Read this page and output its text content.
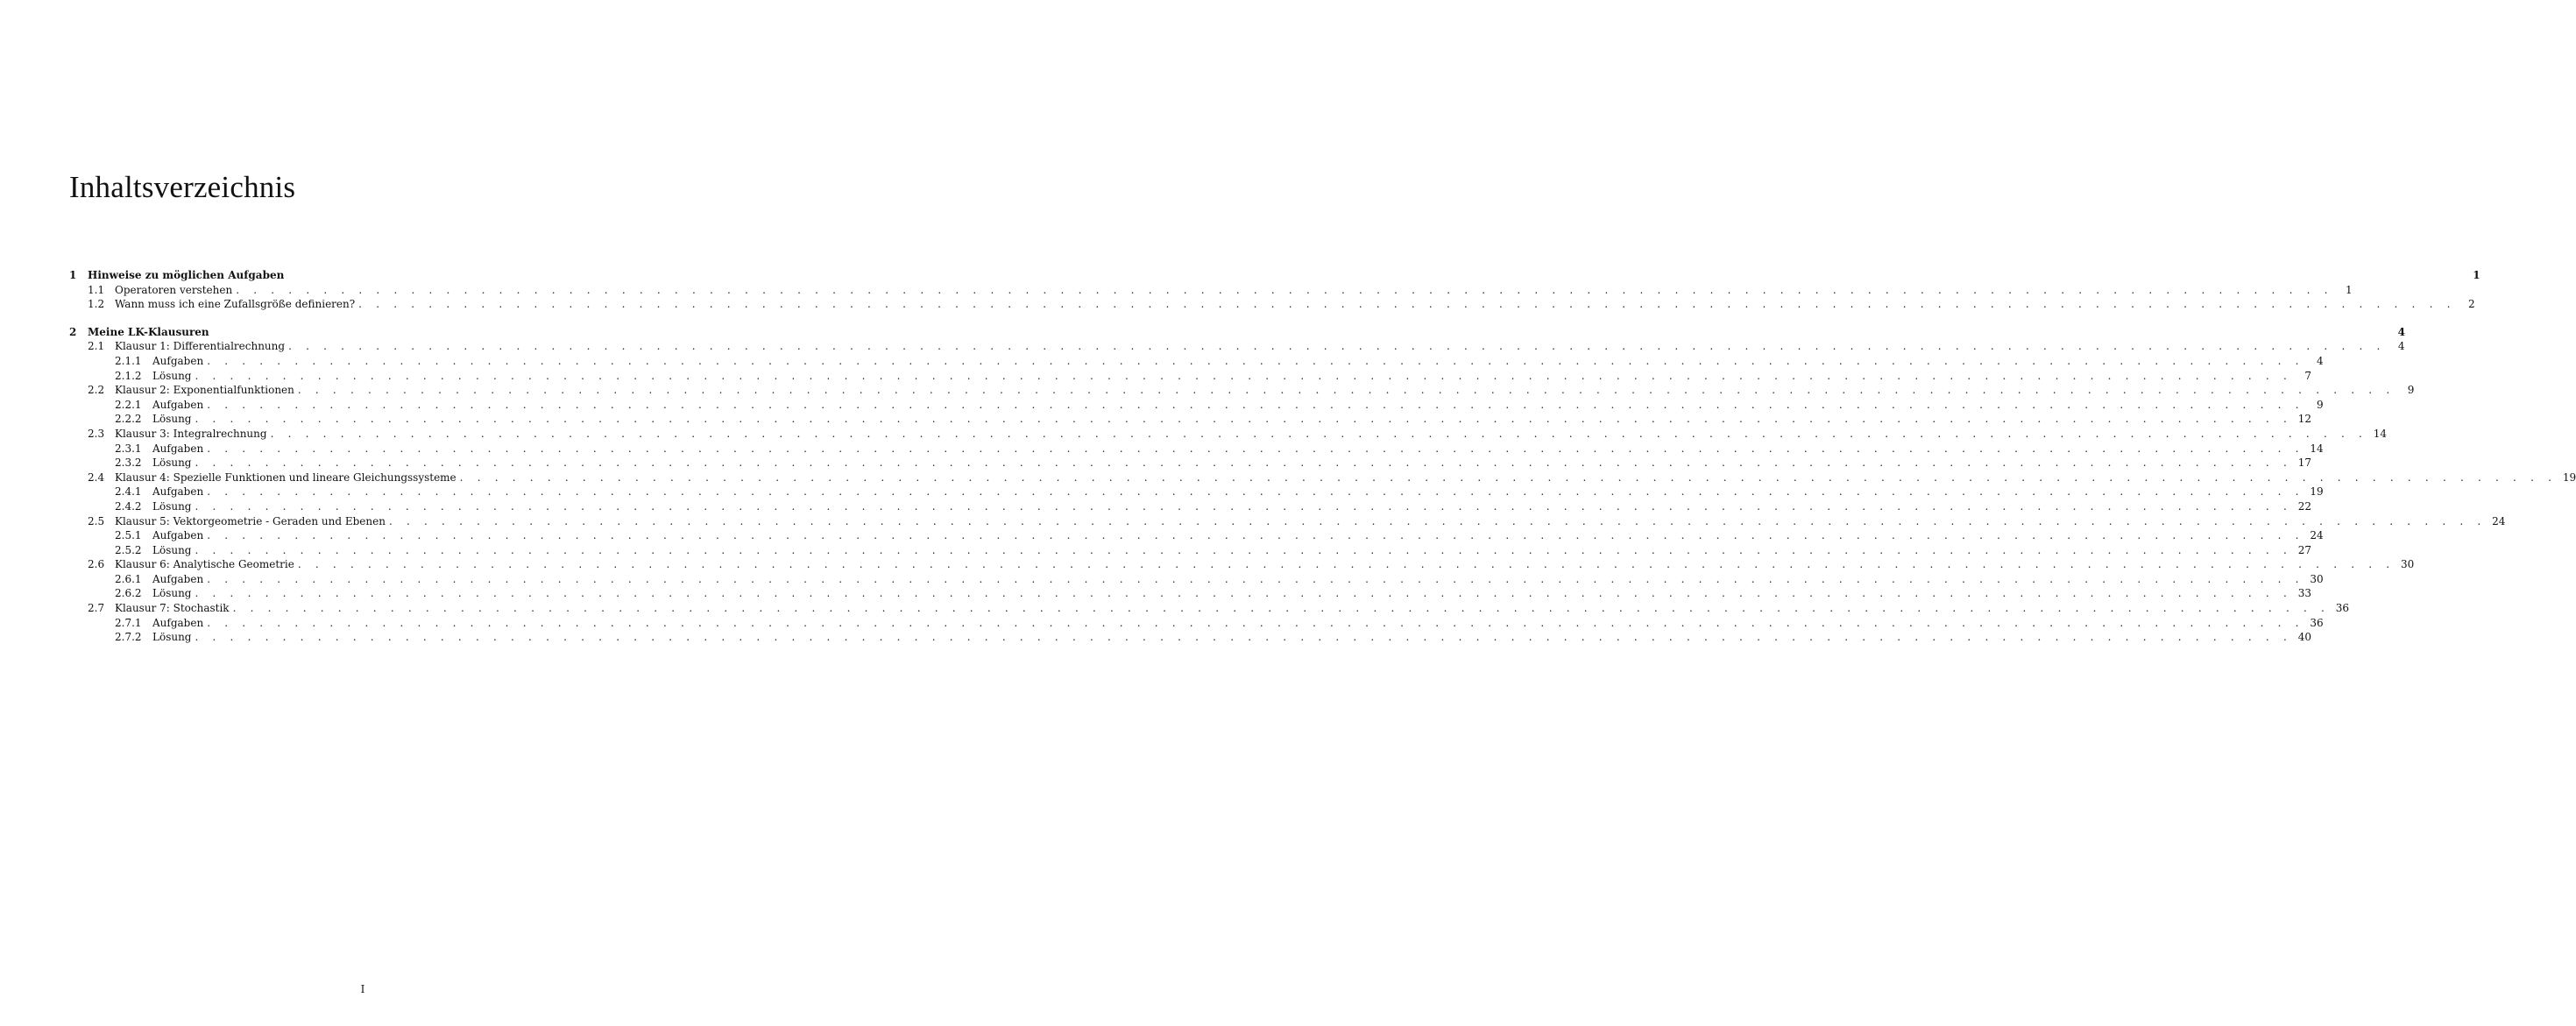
Inhaltsverzeichnis
1	Hinweise zu möglichen Aufgaben	1
1.1 Operatoren verstehen . . . . . . . . . . . . . . . . . . . . . . . . . . . . . . . . . . . . . . . . . . . . . . . . . . . . . . . . . . . . . . . . . . . . . . . . . . . . . . . . . . . . . . . . . . . . . . . . . . . . . . . . . . . . . . . . . . . . . . . .	1
1.2 Wann muss ich eine Zufallsgröße definieren? . . . . . . . . . . . . . . . . . . . . . . . . . . . . . . . . . . . . . . . . . . . . . . . . . . . . . . . . . . . . . . . . . . . . . . . . . . . . . . . . . . . . . . . . . . . . . . . . . . . . . . . . . . . . . . . . . . . . . . . .	2
2	Meine LK-Klausuren	4
2.1 Klausur 1: Differentialrechnung . . . . . . . . . . . . . . . . . . . . . . . . . . . . . . . . . . . . . . . . . . . . . . . . . . . . . . . . . . . . . . . . . . . . . . . . . . . . . . . . . . . . . . . . . . . . . . . . . . . . . . . . . . . . . . . . . . . . . . . .	4
2.1.1	Aufgaben . . . . . . . . . . . . . . . . . . . . . . . . . . . . . . . . . . . . . . . . . . . . . . . . . . . . . . . . . . . . . . . . . . . . . . . . . . . . . . . . . . . . . . . . . . . . . . . . . . . . . . . . . . . . . . . . . . . . . . . .	4
2.1.2	Lösung . . . . . . . . . . . . . . . . . . . . . . . . . . . . . . . . . . . . . . . . . . . . . . . . . . . . . . . . . . . . . . . . . . . . . . . . . . . . . . . . . . . . . . . . . . . . . . . . . . . . . . . . . . . . . . . . . . . . . . . .	7
2.2 Klausur 2: Exponentialfunktionen . . . . . . . . . . . . . . . . . . . . . . . . . . . . . . . . . . . . . . . . . . . . . . . . . . . . . . . . . . . . . . . . . . . . . . . . . . . . . . . . . . . . . . . . . . . . . . . . . . . . . . . . . . . . . . . . . . . . . . . .	9
2.2.1	Aufgaben . . . . . . . . . . . . . . . . . . . . . . . . . . . . . . . . . . . . . . . . . . . . . . . . . . . . . . . . . . . . . . . . . . . . . . . . . . . . . . . . . . . . . . . . . . . . . . . . . . . . . . . . . . . . . . . . . . . . . . . .	9
2.2.2	Lösung . . . . . . . . . . . . . . . . . . . . . . . . . . . . . . . . . . . . . . . . . . . . . . . . . . . . . . . . . . . . . . . . . . . . . . . . . . . . . . . . . . . . . . . . . . . . . . . . . . . . . . . . . . . . . . . . . . . . . . . . 12
2.3 Klausur 3: Integralrechnung . . . . . . . . . . . . . . . . . . . . . . . . . . . . . . . . . . . . . . . . . . . . . . . . . . . . . . . . . . . . . . . . . . . . . . . . . . . . . . . . . . . . . . . . . . . . . . . . . . . . . . . . . . . . . . . . . . . . . . . . 14
2.3.1	Aufgaben . . . . . . . . . . . . . . . . . . . . . . . . . . . . . . . . . . . . . . . . . . . . . . . . . . . . . . . . . . . . . . . . . . . . . . . . . . . . . . . . . . . . . . . . . . . . . . . . . . . . . . . . . . . . . . . . . . . . . . . . 14
2.3.2	Lösung . . . . . . . . . . . . . . . . . . . . . . . . . . . . . . . . . . . . . . . . . . . . . . . . . . . . . . . . . . . . . . . . . . . . . . . . . . . . . . . . . . . . . . . . . . . . . . . . . . . . . . . . . . . . . . . . . . . . . . . . 17
2.4 Klausur 4: Spezielle Funktionen und lineare Gleichungssysteme . . . . . . . . . . . . . . . . . . . . . . . . . . . . . . . . . . . . . . . . . . . . . . . . . . . . . . . . . . . . . . . . . . . . . . . . . . . . . . . . . . . . . . . . . . . . . . . . . . . . . . . . . . . . . . . . . . . . . . . . 19
2.4.1	Aufgaben . . . . . . . . . . . . . . . . . . . . . . . . . . . . . . . . . . . . . . . . . . . . . . . . . . . . . . . . . . . . . . . . . . . . . . . . . . . . . . . . . . . . . . . . . . . . . . . . . . . . . . . . . . . . . . . . . . . . . . . . 19
2.4.2	Lösung . . . . . . . . . . . . . . . . . . . . . . . . . . . . . . . . . . . . . . . . . . . . . . . . . . . . . . . . . . . . . . . . . . . . . . . . . . . . . . . . . . . . . . . . . . . . . . . . . . . . . . . . . . . . . . . . . . . . . . . . 22
2.5 Klausur 5: Vektorgeometrie - Geraden und Ebenen . . . . . . . . . . . . . . . . . . . . . . . . . . . . . . . . . . . . . . . . . . . . . . . . . . . . . . . . . . . . . . . . . . . . . . . . . . . . . . . . . . . . . . . . . . . . . . . . . . . . . . . . . . . . . . . . . . . . . . . . 24
2.5.1	Aufgaben . . . . . . . . . . . . . . . . . . . . . . . . . . . . . . . . . . . . . . . . . . . . . . . . . . . . . . . . . . . . . . . . . . . . . . . . . . . . . . . . . . . . . . . . . . . . . . . . . . . . . . . . . . . . . . . . . . . . . . . . 24
2.5.2	Lösung . . . . . . . . . . . . . . . . . . . . . . . . . . . . . . . . . . . . . . . . . . . . . . . . . . . . . . . . . . . . . . . . . . . . . . . . . . . . . . . . . . . . . . . . . . . . . . . . . . . . . . . . . . . . . . . . . . . . . . . . 27
2.6 Klausur 6: Analytische Geometrie . . . . . . . . . . . . . . . . . . . . . . . . . . . . . . . . . . . . . . . . . . . . . . . . . . . . . . . . . . . . . . . . . . . . . . . . . . . . . . . . . . . . . . . . . . . . . . . . . . . . . . . . . . . . . . . . . . . . . . . . 30
2.6.1	Aufgaben . . . . . . . . . . . . . . . . . . . . . . . . . . . . . . . . . . . . . . . . . . . . . . . . . . . . . . . . . . . . . . . . . . . . . . . . . . . . . . . . . . . . . . . . . . . . . . . . . . . . . . . . . . . . . . . . . . . . . . . . 30
2.6.2	Lösung . . . . . . . . . . . . . . . . . . . . . . . . . . . . . . . . . . . . . . . . . . . . . . . . . . . . . . . . . . . . . . . . . . . . . . . . . . . . . . . . . . . . . . . . . . . . . . . . . . . . . . . . . . . . . . . . . . . . . . . . 33
2.7 Klausur 7: Stochastik . . . . . . . . . . . . . . . . . . . . . . . . . . . . . . . . . . . . . . . . . . . . . . . . . . . . . . . . . . . . . . . . . . . . . . . . . . . . . . . . . . . . . . . . . . . . . . . . . . . . . . . . . . . . . . . . . . . . . . . . 36
2.7.1	Aufgaben . . . . . . . . . . . . . . . . . . . . . . . . . . . . . . . . . . . . . . . . . . . . . . . . . . . . . . . . . . . . . . . . . . . . . . . . . . . . . . . . . . . . . . . . . . . . . . . . . . . . . . . . . . . . . . . . . . . . . . . . 36
2.7.2	Lösung . . . . . . . . . . . . . . . . . . . . . . . . . . . . . . . . . . . . . . . . . . . . . . . . . . . . . . . . . . . . . . . . . . . . . . . . . . . . . . . . . . . . . . . . . . . . . . . . . . . . . . . . . . . . . . . . . . . . . . . . 40
I
